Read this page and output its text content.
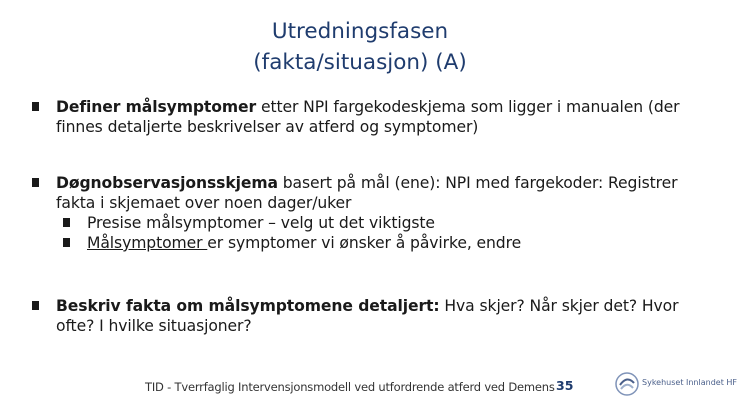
Utredningsfasen
(fakta/situasjon) (A)
Definer målsymptomer etter NPI fargekodeskjema som ligger i manualen (der finnes detaljerte beskrivelser av atferd og symptomer)
Døgnobservasjonsskjema basert på mål (ene): NPI med fargekoder: Registrer fakta i skjemaet over noen dager/uker
Presise målsymptomer – velg ut det viktigste
Målsymptomer er symptomer vi ønsker å påvirke, endre
Beskriv fakta om målsymptomene detaljert: Hva skjer? Når skjer det? Hvor ofte? I hvilke situasjoner?
TID - Tverrfaglig Intervensjonsmodell ved utfordrende atferd ved Demens 35	Sykehuset Innlandet HF
